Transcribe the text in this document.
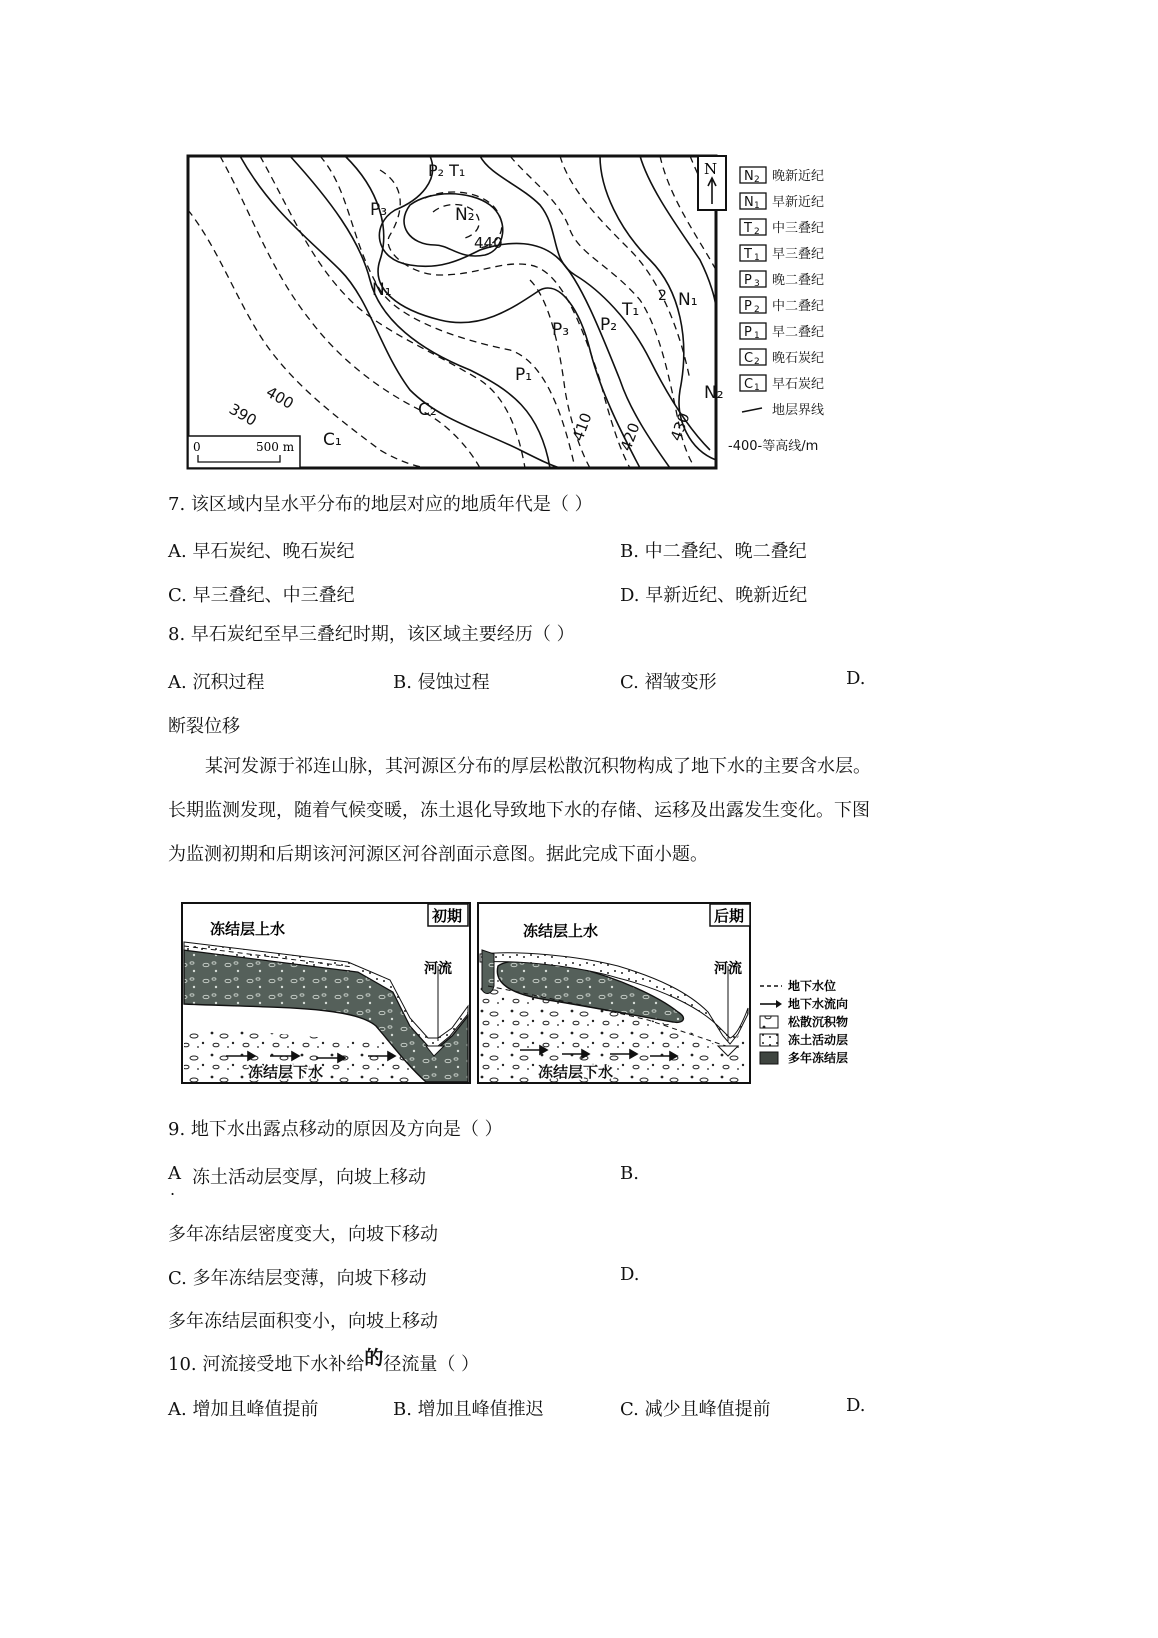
P₂ T₁
P₃	N₂
440
N₁
T₁
2 N₁
P₃ P₂
P₁
N₂
C₂
C₁
400
390	410 420 430
0	500 m
N N 2 晚新近纪
N 1 早新近纪
T 2 中三叠纪
T 1 早三叠纪
P 3 晚二叠纪
P 2 中二叠纪
P 1 早二叠纪
C 2 晚石炭纪
C 1 早石炭纪
地层界线
-400-等高线/m
7. 该区域内呈水平分布的地层对应的地质年代是（ ）
A. 早石炭纪、晚石炭纪	B. 中二叠纪、晚二叠纪
C. 早三叠纪、中三叠纪	D. 早新近纪、晚新近纪
8. 早石炭纪至早三叠纪时期，该区域主要经历（ ）
A. 沉积过程	B. 侵蚀过程	C. 褶皱变形	D.
断裂位移
某河发源于祁连山脉，其河源区分布的厚层松散沉积物构成了地下水的主要含水层。
长期监测发现，随着气候变暖，冻土退化导致地下水的存储、运移及出露发生变化。下图
为监测初期和后期该河河源区河谷剖面示意图。据此完成下面小题。
初期
冻结层上水
河流
冻结层下水
后期
冻结层上水
河流
冻结层下水
地下水位
地下水流向
松散沉积物
冻土活动层
多年冻结层
9. 地下水出露点移动的原因及方向是（ ）
A
.
冻土活动层变厚，向坡上移动	B.
多年冻结层密度变大，向坡下移动
C. 多年冻结层变薄，向坡下移动	D.
多年冻结层面积变小，向坡上移动
10. 河流接受地下水补给的径流量（ ）
A. 增加且峰值提前	B. 增加且峰值推迟	C. 减少且峰值提前	D.
